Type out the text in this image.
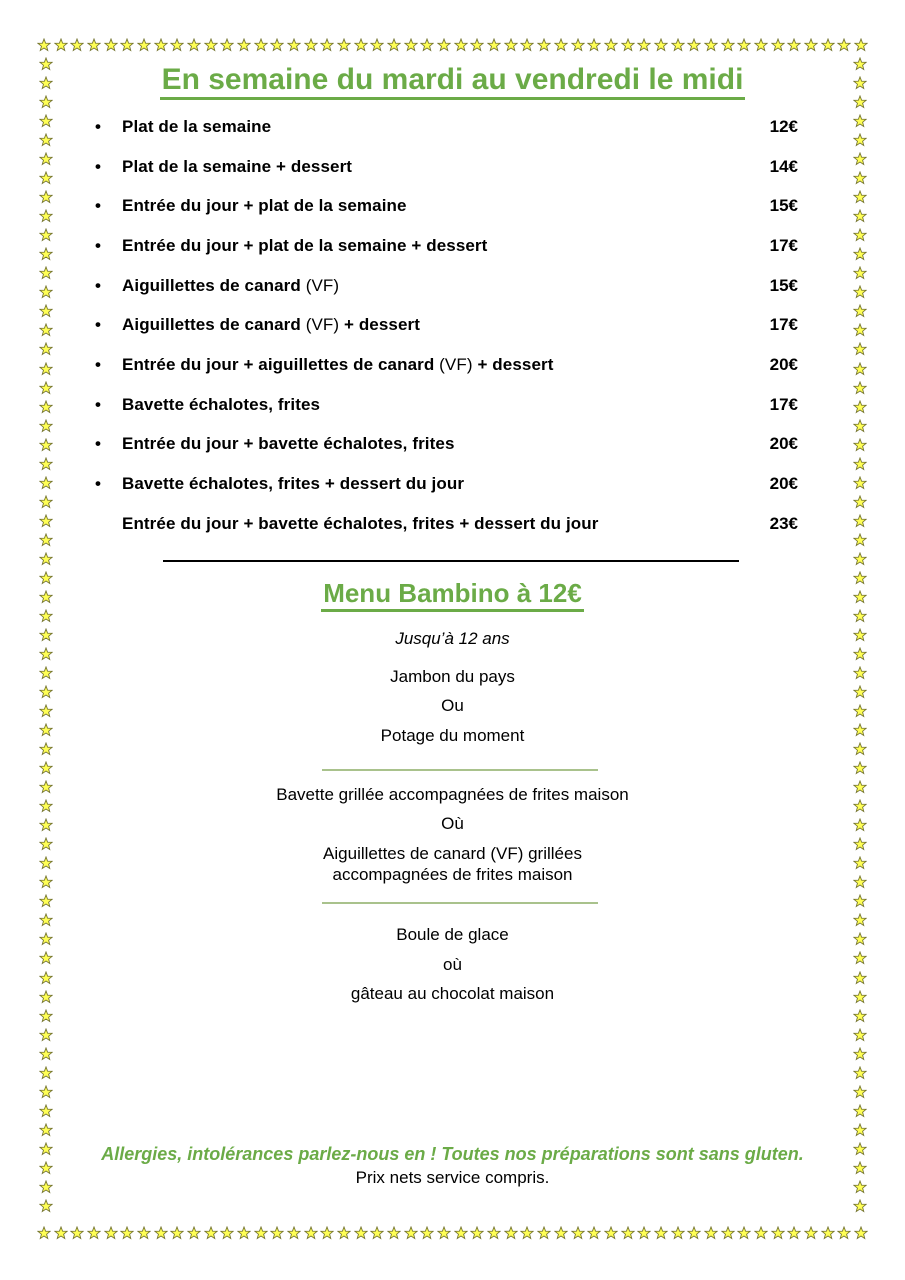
En semaine du mardi au vendredi le midi
•	Plat de la semaine	12€
•	Plat de la semaine + dessert	14€
•	Entrée du jour + plat de la semaine	15€
•	Entrée du jour + plat de la semaine + dessert	17€
•	Aiguillettes de canard (VF)	15€
•	Aiguillettes de canard (VF) + dessert	17€
•	Entrée du jour + aiguillettes de canard (VF) + dessert	20€
•	Bavette échalotes, frites	17€
•	Entrée du jour + bavette échalotes, frites	20€
•	Bavette échalotes, frites + dessert du jour	20€
Entrée du jour + bavette échalotes, frites + dessert du jour	23€
Menu Bambino à 12€
Jusqu’à 12 ans
Jambon du pays
Ou
Potage du moment
Bavette grillée accompagnées de frites maison
Où
Aiguillettes de canard (VF) grillées
accompagnées de frites maison
Boule de glace
où
gâteau au chocolat maison
Allergies, intolérances parlez-nous en ! Toutes nos préparations sont sans gluten.
Prix nets service compris.
